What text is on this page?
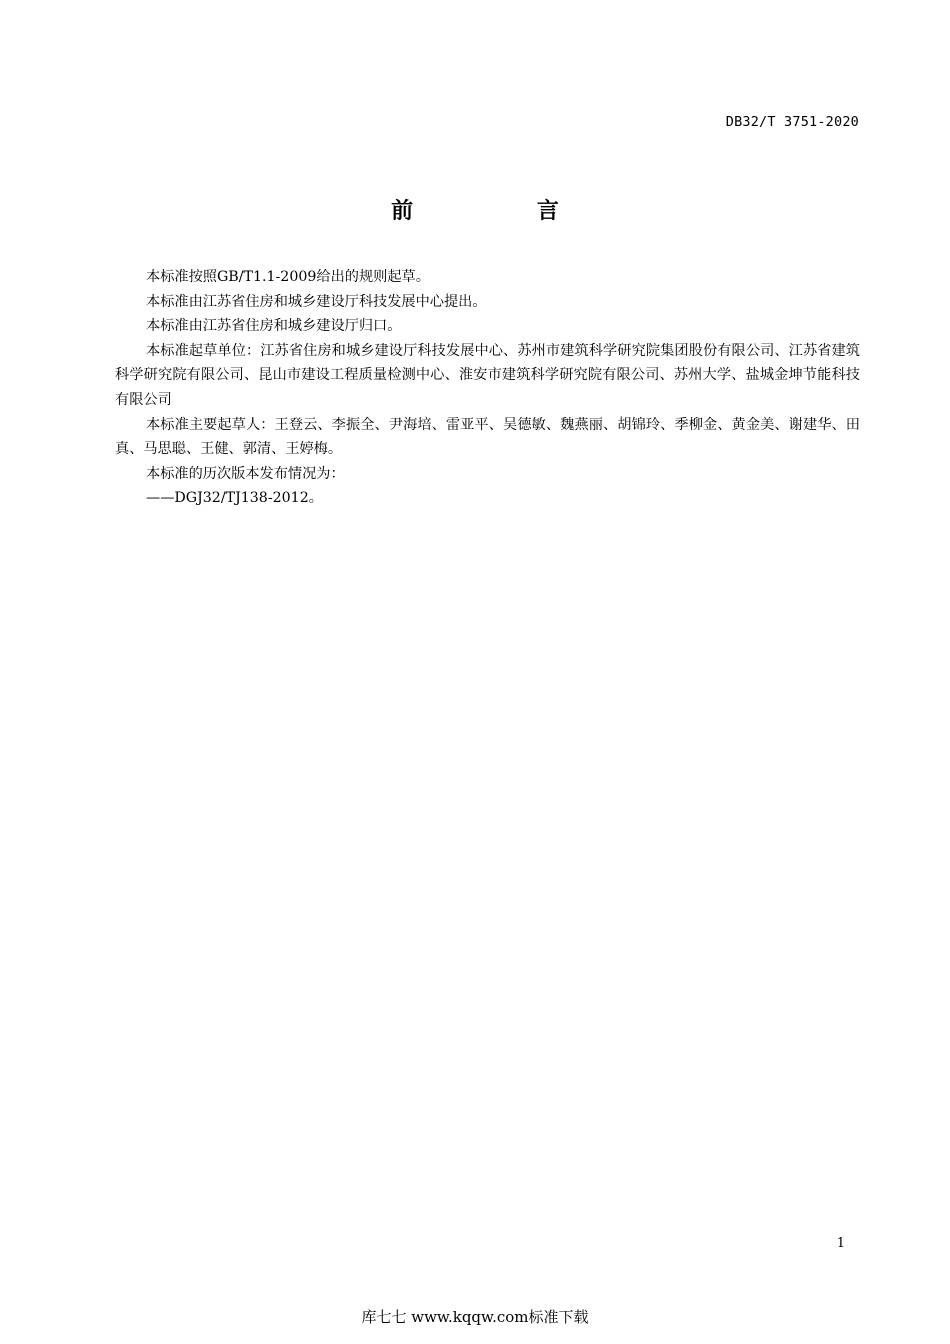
DB32/T 3751-2020
前 言

本标准按照GB/T1.1-2009给出的规则起草。

本标准由江苏省住房和城乡建设厅科技发展中心提出。

本标准由江苏省住房和城乡建设厅归口。

本标准起草单位：江苏省住房和城乡建设厅科技发展中心、苏州市建筑科学研究院集团股份有限公司、江苏省建筑科学研究院有限公司、昆山市建设工程质量检测中心、淮安市建筑科学研究院有限公司、苏州大学、盐城金坤节能科技有限公司

本标准主要起草人：王登云、李振全、尹海培、雷亚平、吴德敏、魏燕丽、胡锦玲、季柳金、黄金美、谢建华、田真、马思聪、王健、郭清、王婷梅。

本标准的历次版本发布情况为：

——DGJ32/TJ138-2012。

1
库七七 www.kqqw.com标准下载
